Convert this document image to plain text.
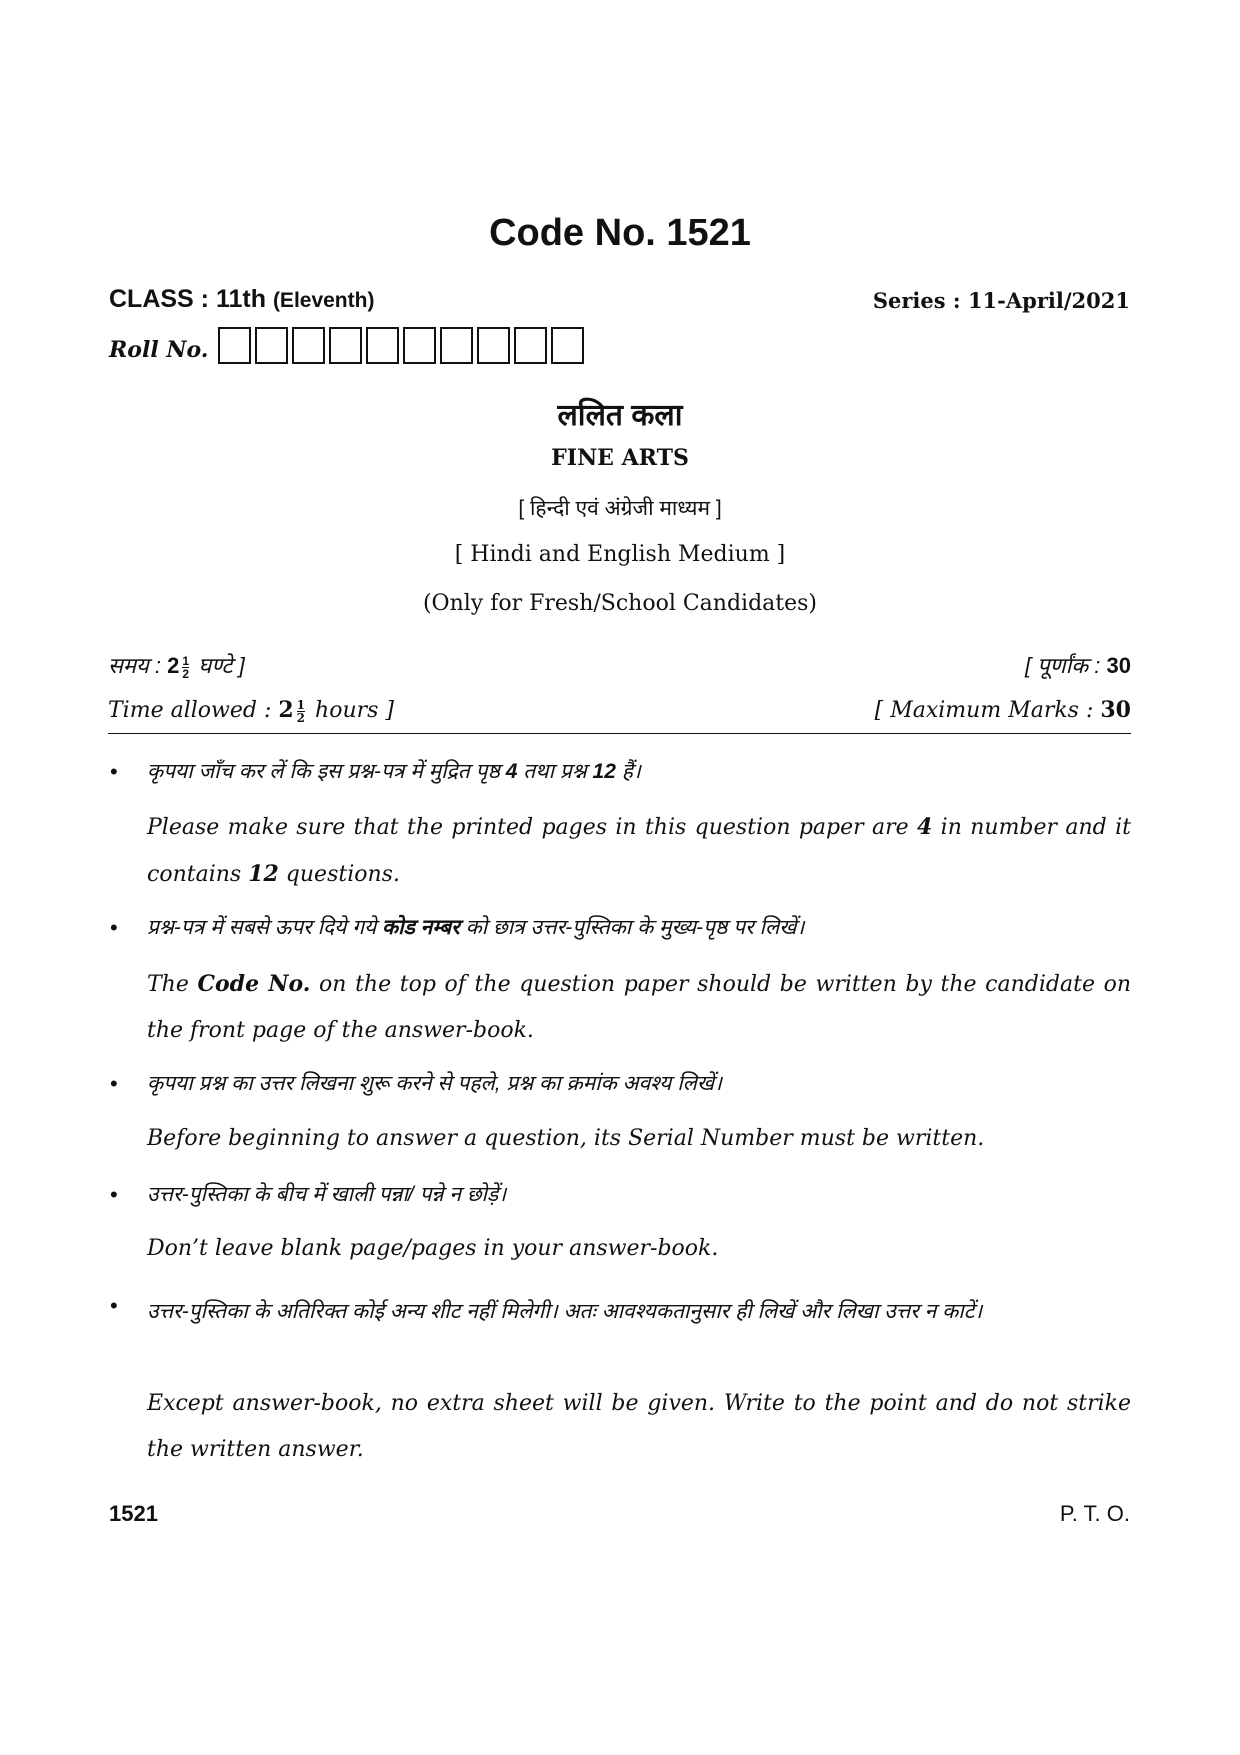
Code No. 1521
CLASS : 11th (Eleventh)	Series : 11-April/2021
Roll No.
ललित कला
FINE ARTS
[ हिन्दी एवं अंग्रेजी माध्यम ]
[ Hindi and English Medium ]
(Only for Fresh/School Candidates)
समय : $2 \frac{1}{2}$ घण्टे ]	[ पूर्णांक : 30
Time allowed : $2 \frac{1}{2}$ hours ]	[ Maximum Marks : 30
• कृपया जाँच कर लें कि इस प्रश्न-पत्र में मुद्रित पृष्ठ 4 तथा प्रश्न 12 हैं।
Please make sure that the printed pages in this question paper are 4 in number and it contains 12 questions.
• प्रश्न-पत्र में सबसे ऊपर दिये गये कोड नम्बर को छात्र उत्तर-पुस्तिका के मुख्य-पृष्ठ पर लिखें।
The Code No. on the top of the question paper should be written by the candidate on the front page of the answer-book.
• कृपया प्रश्न का उत्तर लिखना शुरू करने से पहले, प्रश्न का क्रमांक अवश्य लिखें।
Before beginning to answer a question, its Serial Number must be written.
• उत्तर-पुस्तिका के बीच में खाली पन्ना/ पन्ने न छोड़ें।
Don’t leave blank page/pages in your answer-book.
• उत्तर-पुस्तिका के अतिरिक्त कोई अन्य शीट नहीं मिलेगी। अतः आवश्यकतानुसार ही लिखें और लिखा उत्तर न काटें।
Except answer-book, no extra sheet will be given. Write to the point and do not strike the written answer.
1521	P. T. O.
